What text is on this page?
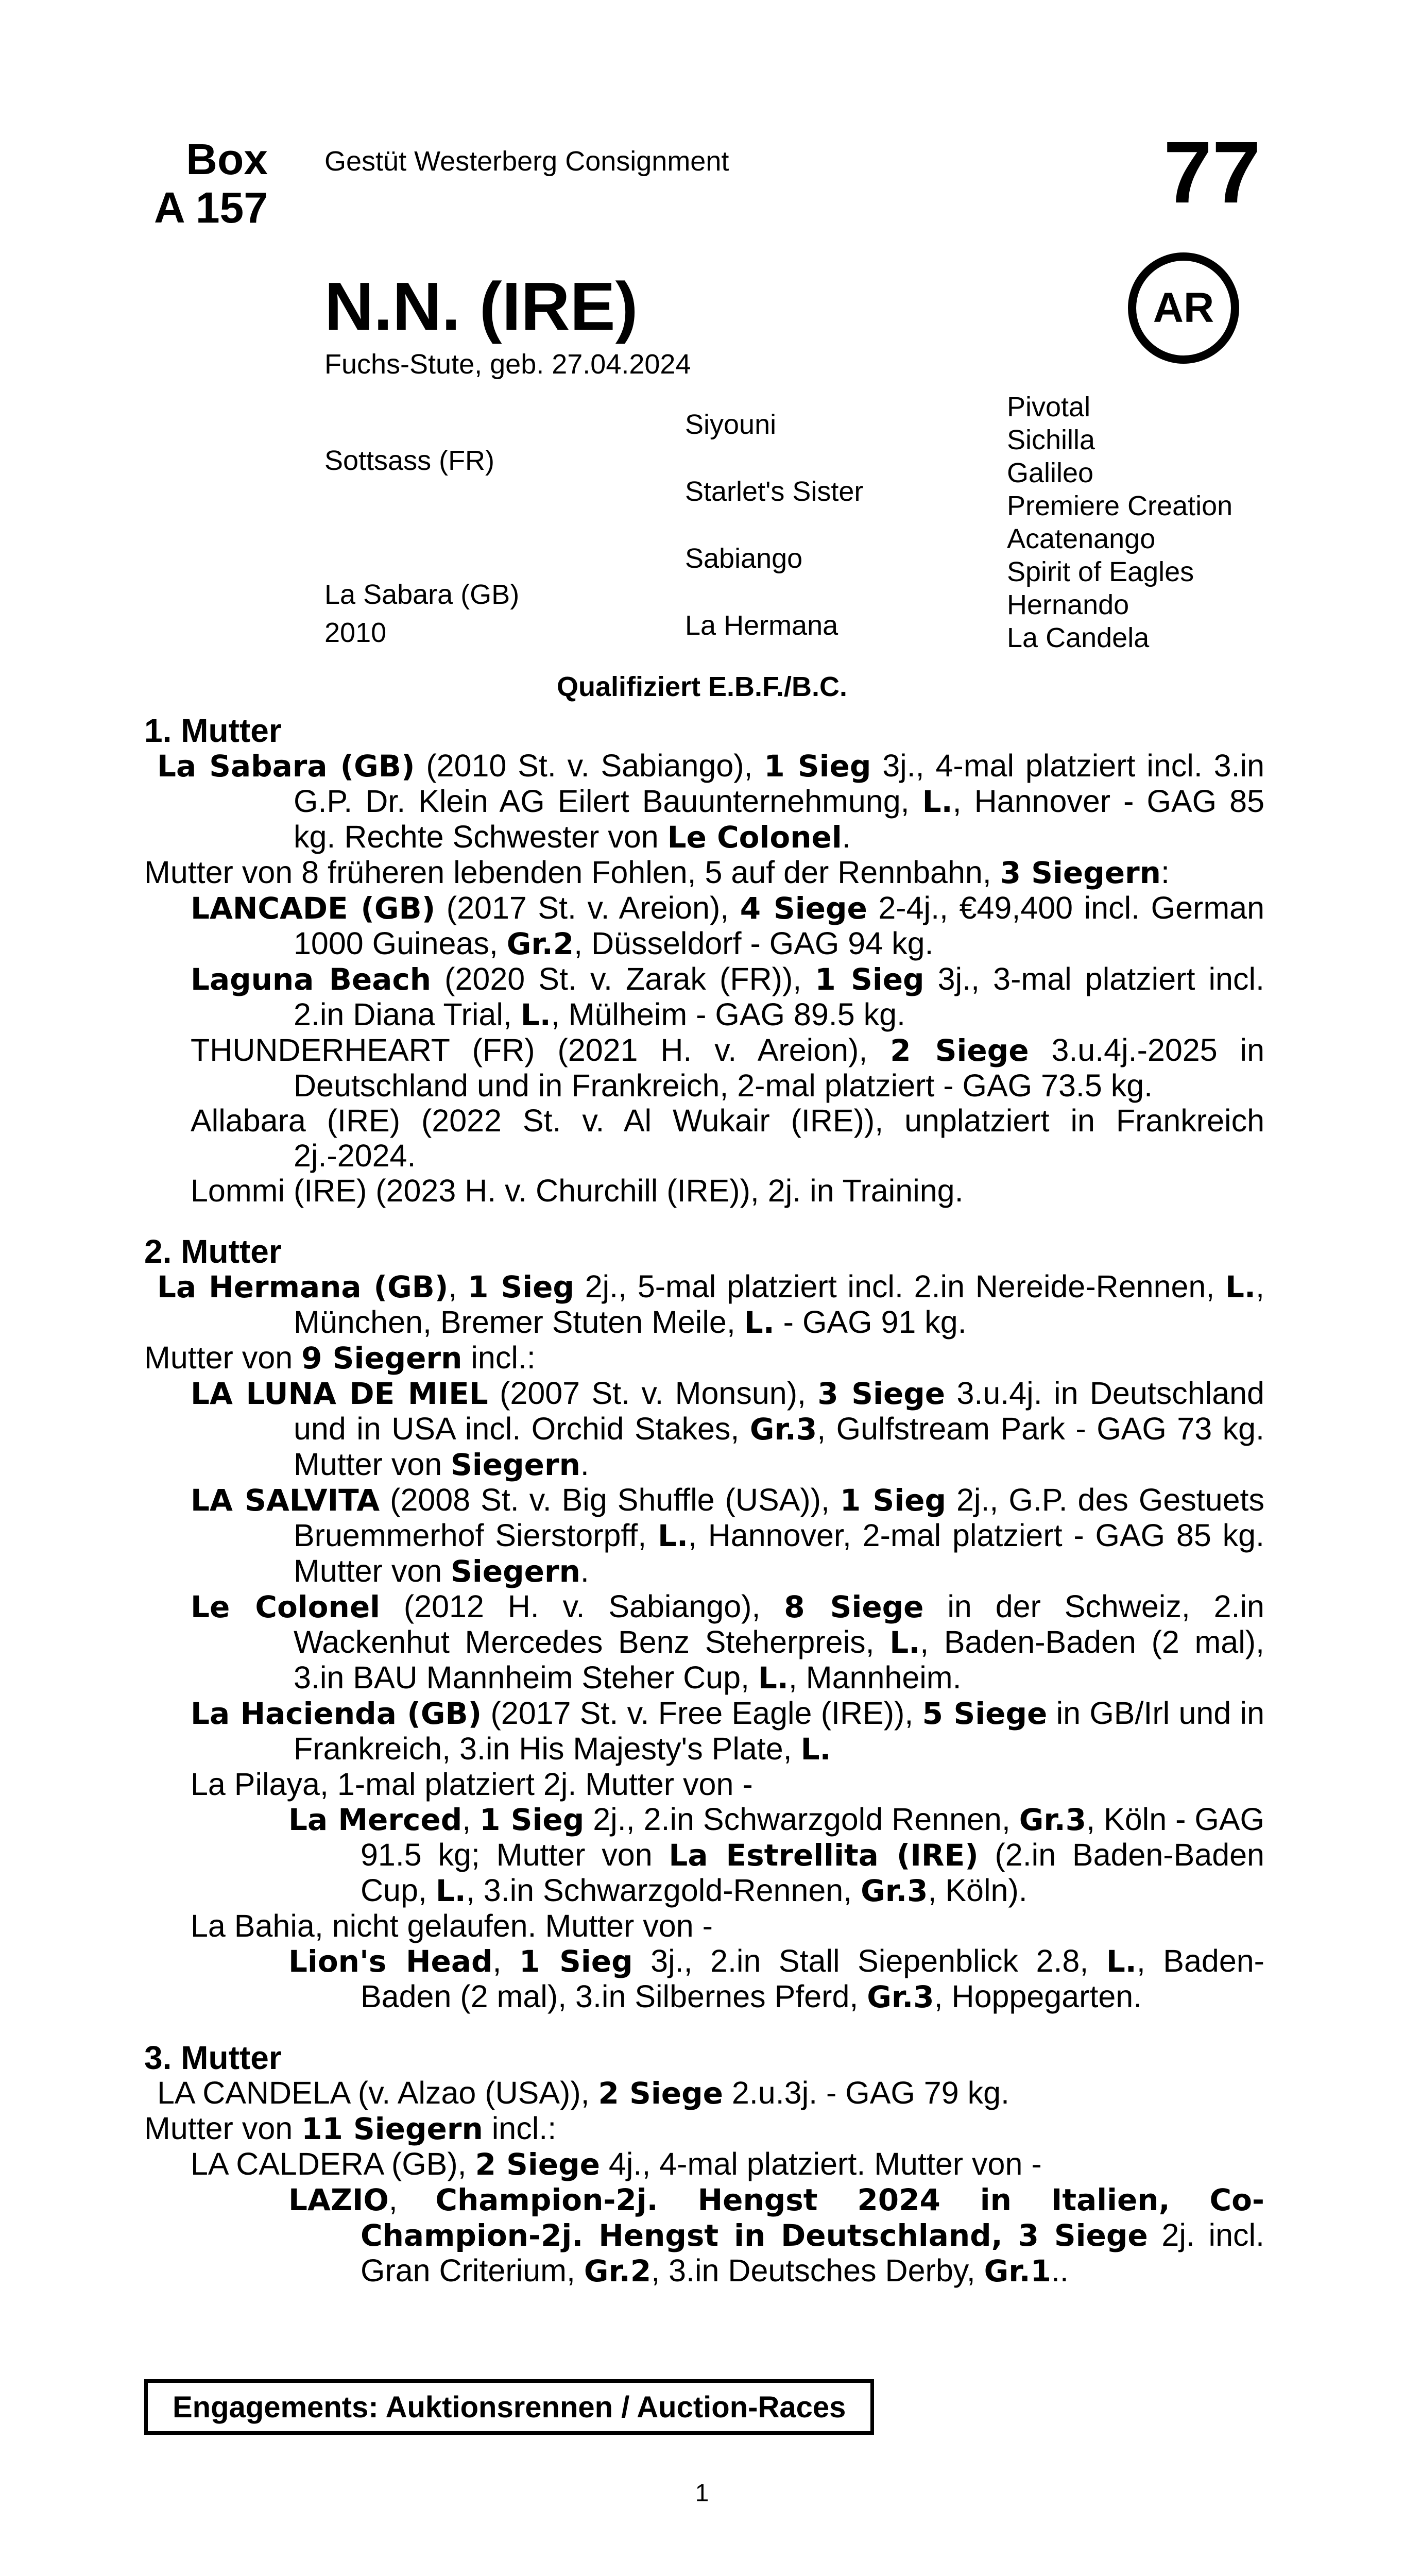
Box
A 157
Gestüt Westerberg Consignment	77
N.N. (IRE)	AR
Fuchs-Stute, geb. 27.04.2024
Sottsass (FR)
La Sabara (GB)
2010
Siyouni
Starlet's Sister
Sabiango
La Hermana
Pivotal
Sichilla
Galileo
Premiere Creation
Acatenango
Spirit of Eagles
Hernando
La Candela
Qualifiziert E.B.F./B.C.
1. Mutter

La Sabara (GB) (2010 St. v. Sabiango), 1 Sieg 3j., 4-mal platziert incl. 3.in G.P. Dr. Klein AG Eilert Bauunternehmung, L., Hannover - GAG 85 kg. Rechte Schwester von Le Colonel.

Mutter von 8 früheren lebenden Fohlen, 5 auf der Rennbahn, 3 Siegern:

LANCADE (GB) (2017 St. v. Areion), 4 Siege 2-4j., €49,400 incl. German 1000 Guineas, Gr.2, Düsseldorf - GAG 94 kg.

Laguna Beach (2020 St. v. Zarak (FR)), 1 Sieg 3j., 3-mal platziert incl. 2.in Diana Trial, L., Mülheim - GAG 89.5 kg.

THUNDERHEART (FR) (2021 H. v. Areion), 2 Siege 3.u.4j.-2025 in Deutschland und in Frankreich, 2-mal platziert - GAG 73.5 kg.

Allabara (IRE) (2022 St. v. Al Wukair (IRE)), unplatziert in Frankreich 2j.-2024.

Lommi (IRE) (2023 H. v. Churchill (IRE)), 2j. in Training.

2. Mutter

La Hermana (GB), 1 Sieg 2j., 5-mal platziert incl. 2.in Nereide-Rennen, L., München, Bremer Stuten Meile, L. - GAG 91 kg.

Mutter von 9 Siegern incl.:

LA LUNA DE MIEL (2007 St. v. Monsun), 3 Siege 3.u.4j. in Deutschland und in USA incl. Orchid Stakes, Gr.3, Gulfstream Park - GAG 73 kg. Mutter von Siegern.

LA SALVITA (2008 St. v. Big Shuffle (USA)), 1 Sieg 2j., G.P. des Gestuets Bruemmerhof Sierstorpff, L., Hannover, 2-mal platziert - GAG 85 kg. Mutter von Siegern.

Le Colonel (2012 H. v. Sabiango), 8 Siege in der Schweiz, 2.in Wackenhut Mercedes Benz Steherpreis, L., Baden-Baden (2 mal), 3.in BAU Mannheim Steher Cup, L., Mannheim.

La Hacienda (GB) (2017 St. v. Free Eagle (IRE)), 5 Siege in GB/Irl und in Frankreich, 3.in His Majesty's Plate, L.

La Pilaya, 1-mal platziert 2j. Mutter von -

La Merced, 1 Sieg 2j., 2.in Schwarzgold Rennen, Gr.3, Köln - GAG 91.5 kg; Mutter von La Estrellita (IRE) (2.in Baden-Baden Cup, L., 3.in Schwarzgold-Rennen, Gr.3, Köln).

La Bahia, nicht gelaufen. Mutter von -

Lion's Head, 1 Sieg 3j., 2.in Stall Siepenblick 2.8, L., Baden-Baden (2 mal), 3.in Silbernes Pferd, Gr.3, Hoppegarten.

3. Mutter

LA CANDELA (v. Alzao (USA)), 2 Siege 2.u.3j. - GAG 79 kg.

Mutter von 11 Siegern incl.:

LA CALDERA (GB), 2 Siege 4j., 4-mal platziert. Mutter von -

LAZIO, Champion-2j. Hengst 2024 in Italien, Co-Champion-2j. Hengst in Deutschland, 3 Siege 2j. incl. Gran Criterium, Gr.2, 3.in Deutsches Derby, Gr.1..

Engagements: Auktionsrennen / Auction-Races
1
